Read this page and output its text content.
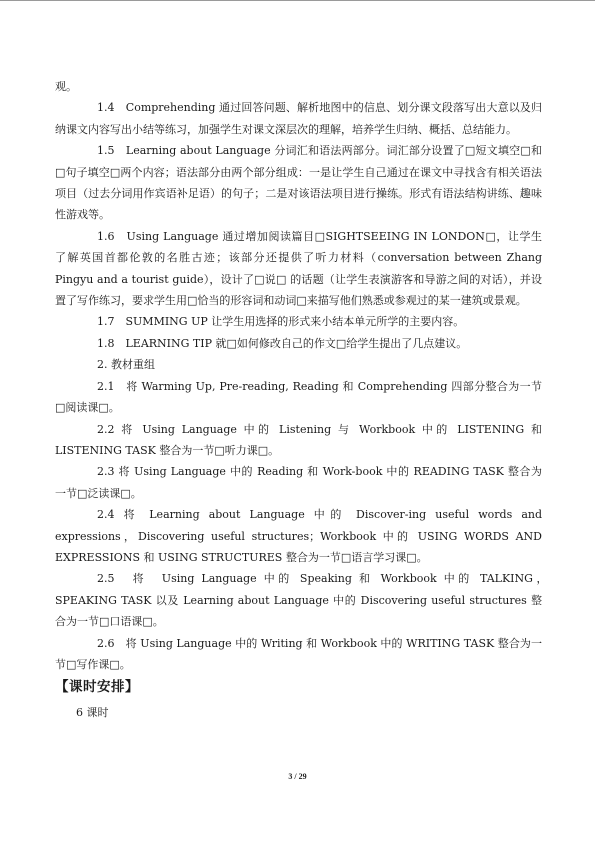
观。

1.4　Comprehending 通过回答问题、解析地图中的信息、划分课文段落写出大意以及归纳课文内容写出小结等练习，加强学生对课文深层次的理解，培养学生归纳、概括、总结能力。

1.5　Learning about Language 分词汇和语法两部分。词汇部分设置了□短文填空□和□句子填空□两个内容；语法部分由两个部分组成：一是让学生自己通过在课文中寻找含有相关语法项目（过去分词用作宾语补足语）的句子；二是对该语法项目进行操练。形式有语法结构讲练、趣味性游戏等。

1.6　Using Language 通过增加阅读篇目□SIGHTSEEING IN LONDON□，让学生了解英国首都伦敦的名胜古迹；该部分还提供了听力材料（conversation between Zhang Pingyu and a tourist guide），设计了□说□ 的话题（让学生表演游客和导游之间的对话），并设置了写作练习，要求学生用□恰当的形容词和动词□来描写他们熟悉或参观过的某一建筑或景观。

1.7　SUMMING UP 让学生用选择的形式来小结本单元所学的主要内容。

1.8　LEARNING TIP 就□如何修改自己的作文□给学生提出了几点建议。

2. 教材重组

2.1　将 Warming Up, Pre-reading, Reading 和 Comprehending 四部分整合为一节□阅读课□。

2.2 将 Using Language 中的 Listening 与 Workbook 中的 LISTENING 和 LISTENING TASK 整合为一节□听力课□。

2.3 将 Using Language 中的 Reading 和 Work-book 中的 READING TASK 整合为一节□泛读课□。

2.4 将 Learning about Language 中的 Discover-ing useful words and expressions，Discovering useful structures；Workbook 中的 USING WORDS AND EXPRESSIONS 和 USING STRUCTURES 整合为一节□语言学习课□。

2.5　将　Using Language 中的 Speaking 和 Workbook 中的 TALKING，　SPEAKING TASK 以及 Learning about Language 中的 Discovering useful structures 整合为一节□口语课□。

2.6　将 Using Language 中的 Writing 和 Workbook 中的 WRITING TASK 整合为一节□写作课□。

【课时安排】

6 课时

3 / 29
